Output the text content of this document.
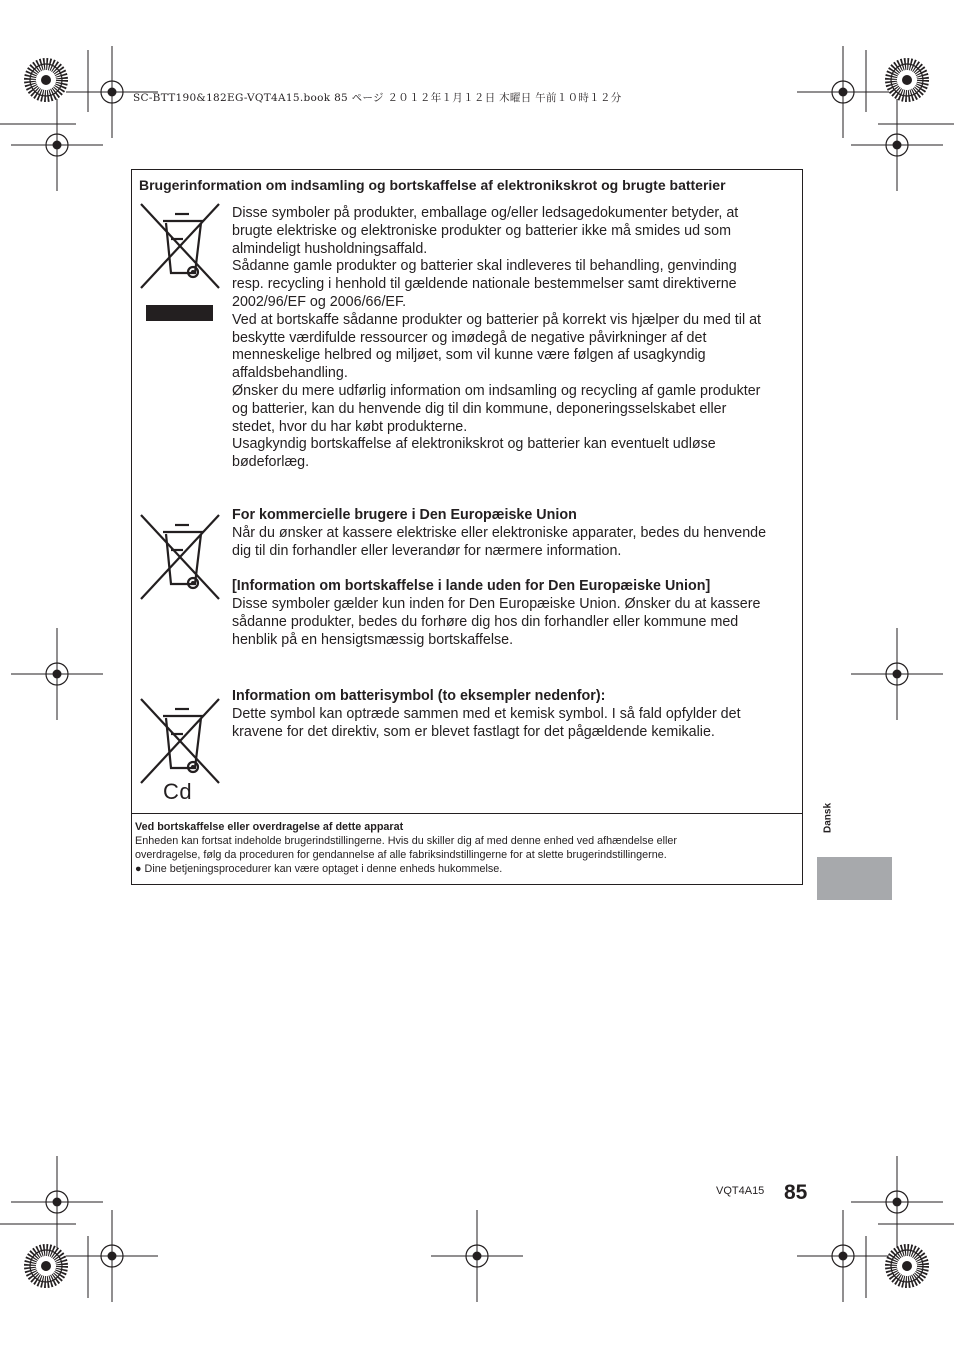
SC-BTT190&182EG-VQT4A15.book 85 ページ ２０１２年１月１２日 木曜日 午前１０時１２分
Brugerinformation om indsamling og bortskaffelse af elektronikskrot og brugte batterier

Disse symboler på produkter, emballage og/eller ledsagedokumenter betyder, at

brugte elektriske og elektroniske produkter og batterier ikke må smides ud som

almindeligt husholdningsaffald.

Sådanne gamle produkter og batterier skal indleveres til behandling, genvinding

resp. recycling i henhold til gældende nationale bestemmelser samt direktiverne

2002/96/EF og 2006/66/EF.

Ved at bortskaffe sådanne produkter og batterier på korrekt vis hjælper du med til at

beskytte værdifulde ressourcer og imødegå de negative påvirkninger af det

menneskelige helbred og miljøet, som vil kunne være følgen af usagkyndig

affaldsbehandling.

Ønsker du mere udførlig information om indsamling og recycling af gamle produkter

og batterier, kan du henvende dig til din kommune, deponeringsselskabet eller

stedet, hvor du har købt produkterne.

Usagkyndig bortskaffelse af elektronikskrot og batterier kan eventuelt udløse

bødeforlæg.

For kommercielle brugere i Den Europæiske Union

Når du ønsker at kassere elektriske eller elektroniske apparater, bedes du henvende

dig til din forhandler eller leverandør for nærmere information.

[Information om bortskaffelse i lande uden for Den Europæiske Union]

Disse symboler gælder kun inden for Den Europæiske Union. Ønsker du at kassere

sådanne produkter, bedes du forhøre dig hos din forhandler eller kommune med

henblik på en hensigtsmæssig bortskaffelse.

Cd

Information om batterisymbol (to eksempler nedenfor):

Dette symbol kan optræde sammen med et kemisk symbol. I så fald opfylder det

kravene for det direktiv, som er blevet fastlagt for det pågældende kemikalie.

Ved bortskaffelse eller overdragelse af dette apparat

Enheden kan fortsat indeholde brugerindstillingerne. Hvis du skiller dig af med denne enhed ved afhændelse eller

overdragelse, følg da proceduren for gendannelse af alle fabriksindstillingerne for at slette brugerindstillingerne.

● Dine betjeningsprocedurer kan være optaget i denne enheds hukommelse.

Dansk
VQT4A15 85
